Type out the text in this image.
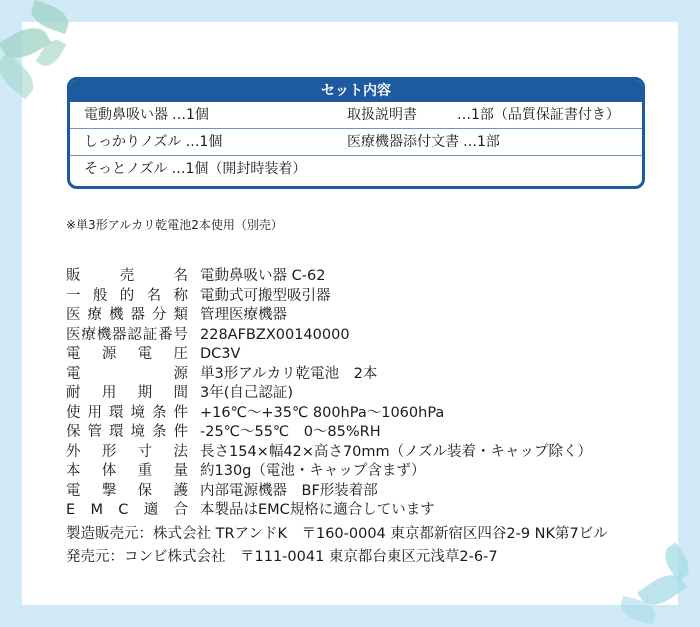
セット内容
電動鼻吸い器 …1個	取扱説明書	…1部（品質保証書付き）
しっかりノズル …1個	医療機器添付文書 …1部
そっとノズル …1個（開封時装着）
※単3形アルカリ乾電池2本使用（別売）
販	売	名 電動鼻吸い器 C-62
一 般 的 名 称 電動式可搬型吸引器
医 療 機 器 分 類 管理医療機器
医 療 機 器 認 証 番 号 228AFBZX00140000
電 源 電 圧 DC3V
電	源 単3形アルカリ乾電池　2本
耐 用 期 間 3年(自己認証)
使 用 環 境 条 件 +16℃～+35℃ 800hPa～1060hPa
保 管 環 境 条 件 -25℃～55℃　0～85%RH
外 形 寸 法 長さ154×幅42×高さ70mm（ノズル装着・キャップ除く）
本 体 重 量 約130g（電池・キャップ含まず）
電 撃 保 護 内部電源機器　BF形装着部
E M C 適 合 本製品はEMC規格に適合しています
製造販売元：株式会社 TRアンドK　〒160-0004 東京都新宿区四谷2-9 NK第7ビル
発売元：コンビ株式会社　〒111-0041 東京都台東区元浅草2-6-7
